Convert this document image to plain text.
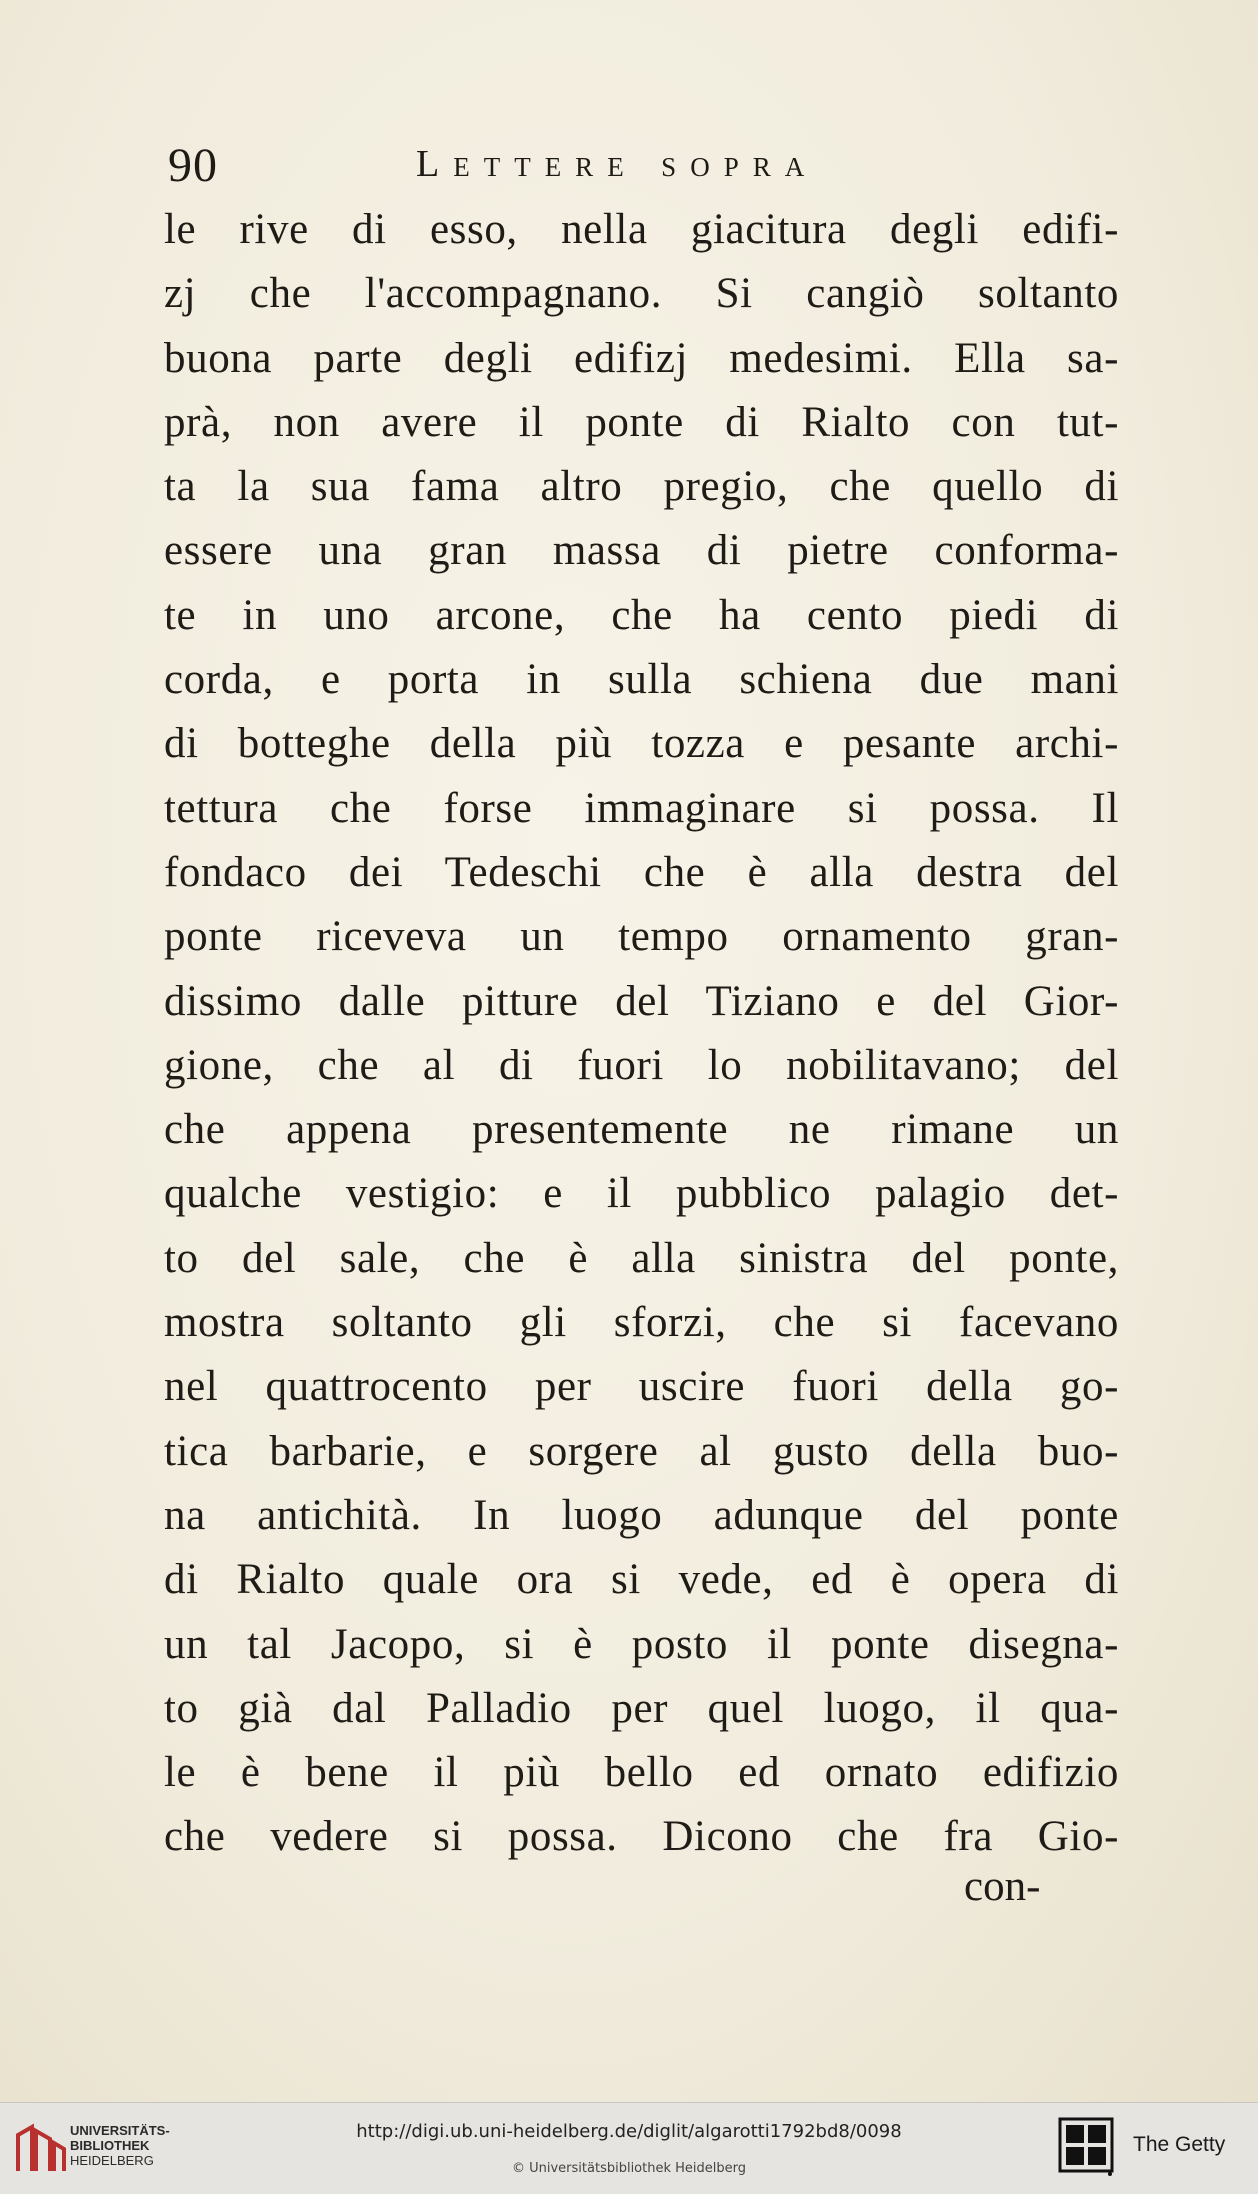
90	Lettere sopra
le rive di esso, nella giacitura degli edifi-
zj che l'accompagnano. Si cangiò soltanto
buona parte degli edifizj medesimi. Ella sa-
prà, non avere il ponte di Rialto con tut-
ta la sua fama altro pregio, che quello di
essere una gran massa di pietre conforma-
te in uno arcone, che ha cento piedi di
corda, e porta in sulla schiena due mani
di botteghe della più tozza e pesante archi-
tettura che forse immaginare si possa. Il
fondaco dei Tedeschi che è alla destra del
ponte riceveva un tempo ornamento gran-
dissimo dalle pitture del Tiziano e del Gior-
gione, che al di fuori lo nobilitavano; del
che appena presentemente ne rimane un
qualche vestigio: e il pubblico palagio det-
to del sale, che è alla sinistra del ponte,
mostra soltanto gli sforzi, che si facevano
nel quattrocento per uscire fuori della go-
tica barbarie, e sorgere al gusto della buo-
na antichità. In luogo adunque del ponte
di Rialto quale ora si vede, ed è opera di
un tal Jacopo, si è posto il ponte disegna-
to già dal Palladio per quel luogo, il qua-
le è bene il più bello ed ornato edifizio
che vedere si possa. Dicono che fra Gio-
con-
UNIVERSITÄTS-
BIBLIOTHEK
HEIDELBERG
http://digi.ub.uni-heidelberg.de/diglit/algarotti1792bd8/0098
© Universitätsbibliothek Heidelberg
The Getty
